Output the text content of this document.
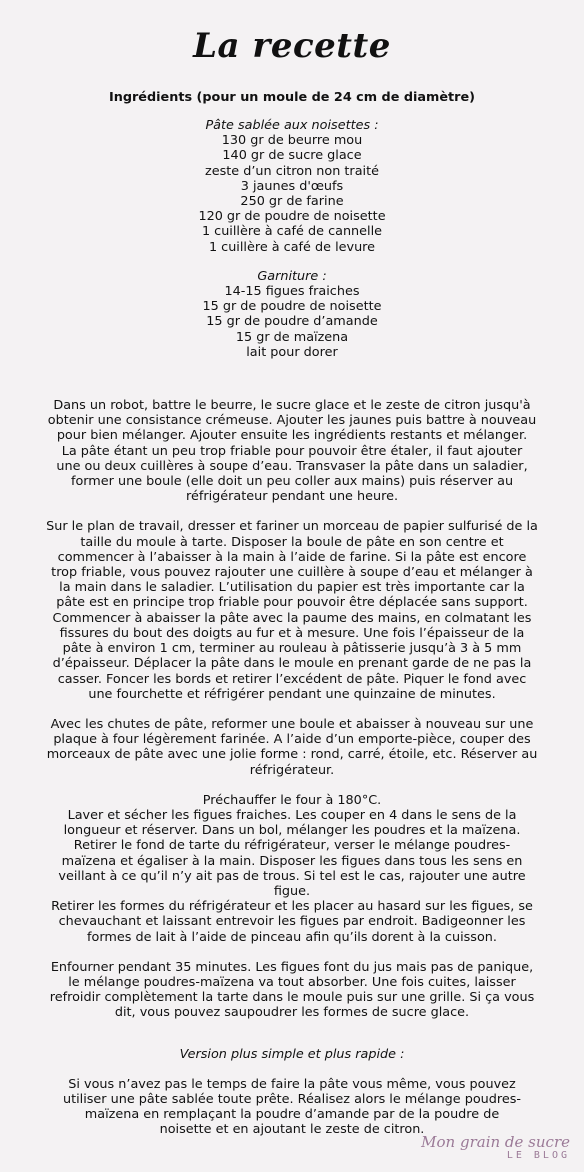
La recette
Ingrédients (pour un moule de 24 cm de diamètre)
Pâte sablée aux noisettes :
130 gr de beurre mou
140 gr de sucre glace
zeste d’un citron non traité
3 jaunes d'œufs
250 gr de farine
120 gr de poudre de noisette
1 cuillère à café de cannelle
1 cuillère à café de levure
Garniture :
14-15 figues fraiches
15 gr de poudre de noisette
15 gr de poudre d’amande
15 gr de maïzena
lait pour dorer
Dans un robot, battre le beurre, le sucre glace et le zeste de citron jusqu'à
obtenir une consistance crémeuse. Ajouter les jaunes puis battre à nouveau
pour bien mélanger. Ajouter ensuite les ingrédients restants et mélanger.
La pâte étant un peu trop friable pour pouvoir être étaler, il faut ajouter
une ou deux cuillères à soupe d’eau. Transvaser la pâte dans un saladier,
former une boule (elle doit un peu coller aux mains) puis réserver au
réfrigérateur pendant une heure.
Sur le plan de travail, dresser et fariner un morceau de papier sulfurisé de la
taille du moule à tarte. Disposer la boule de pâte en son centre et
commencer à l’abaisser à la main à l’aide de farine. Si la pâte est encore
trop friable, vous pouvez rajouter une cuillère à soupe d’eau et mélanger à
la main dans le saladier. L’utilisation du papier est très importante car la
pâte est en principe trop friable pour pouvoir être déplacée sans support.
Commencer à abaisser la pâte avec la paume des mains, en colmatant les
fissures du bout des doigts au fur et à mesure. Une fois l’épaisseur de la
pâte à environ 1 cm, terminer au rouleau à pâtisserie jusqu’à 3 à 5 mm
d’épaisseur. Déplacer la pâte dans le moule en prenant garde de ne pas la
casser. Foncer les bords et retirer l’excédent de pâte. Piquer le fond avec
une fourchette et réfrigérer pendant une quinzaine de minutes.
Avec les chutes de pâte, reformer une boule et abaisser à nouveau sur une
plaque à four légèrement farinée. A l’aide d’un emporte-pièce, couper des
morceaux de pâte avec une jolie forme : rond, carré, étoile, etc. Réserver au
réfrigérateur.
Préchauffer le four à 180°C.
Laver et sécher les figues fraiches. Les couper en 4 dans le sens de la
longueur et réserver. Dans un bol, mélanger les poudres et la maïzena.
Retirer le fond de tarte du réfrigérateur, verser le mélange poudres-
maïzena et égaliser à la main. Disposer les figues dans tous les sens en
veillant à ce qu’il n’y ait pas de trous. Si tel est le cas, rajouter une autre
figue.
Retirer les formes du réfrigérateur et les placer au hasard sur les figues, se
chevauchant et laissant entrevoir les figues par endroit. Badigeonner les
formes de lait à l’aide de pinceau afin qu’ils dorent à la cuisson.
Enfourner pendant 35 minutes. Les figues font du jus mais pas de panique,
le mélange poudres-maïzena va tout absorber. Une fois cuites, laisser
refroidir complètement la tarte dans le moule puis sur une grille. Si ça vous
dit, vous pouvez saupoudrer les formes de sucre glace.
Version plus simple et plus rapide :
Si vous n’avez pas le temps de faire la pâte vous même, vous pouvez
utiliser une pâte sablée toute prête. Réalisez alors le mélange poudres-
maïzena en remplaçant la poudre d’amande par de la poudre de
noisette et en ajoutant le zeste de citron.
Mon grain de sucre
LE BLOG
